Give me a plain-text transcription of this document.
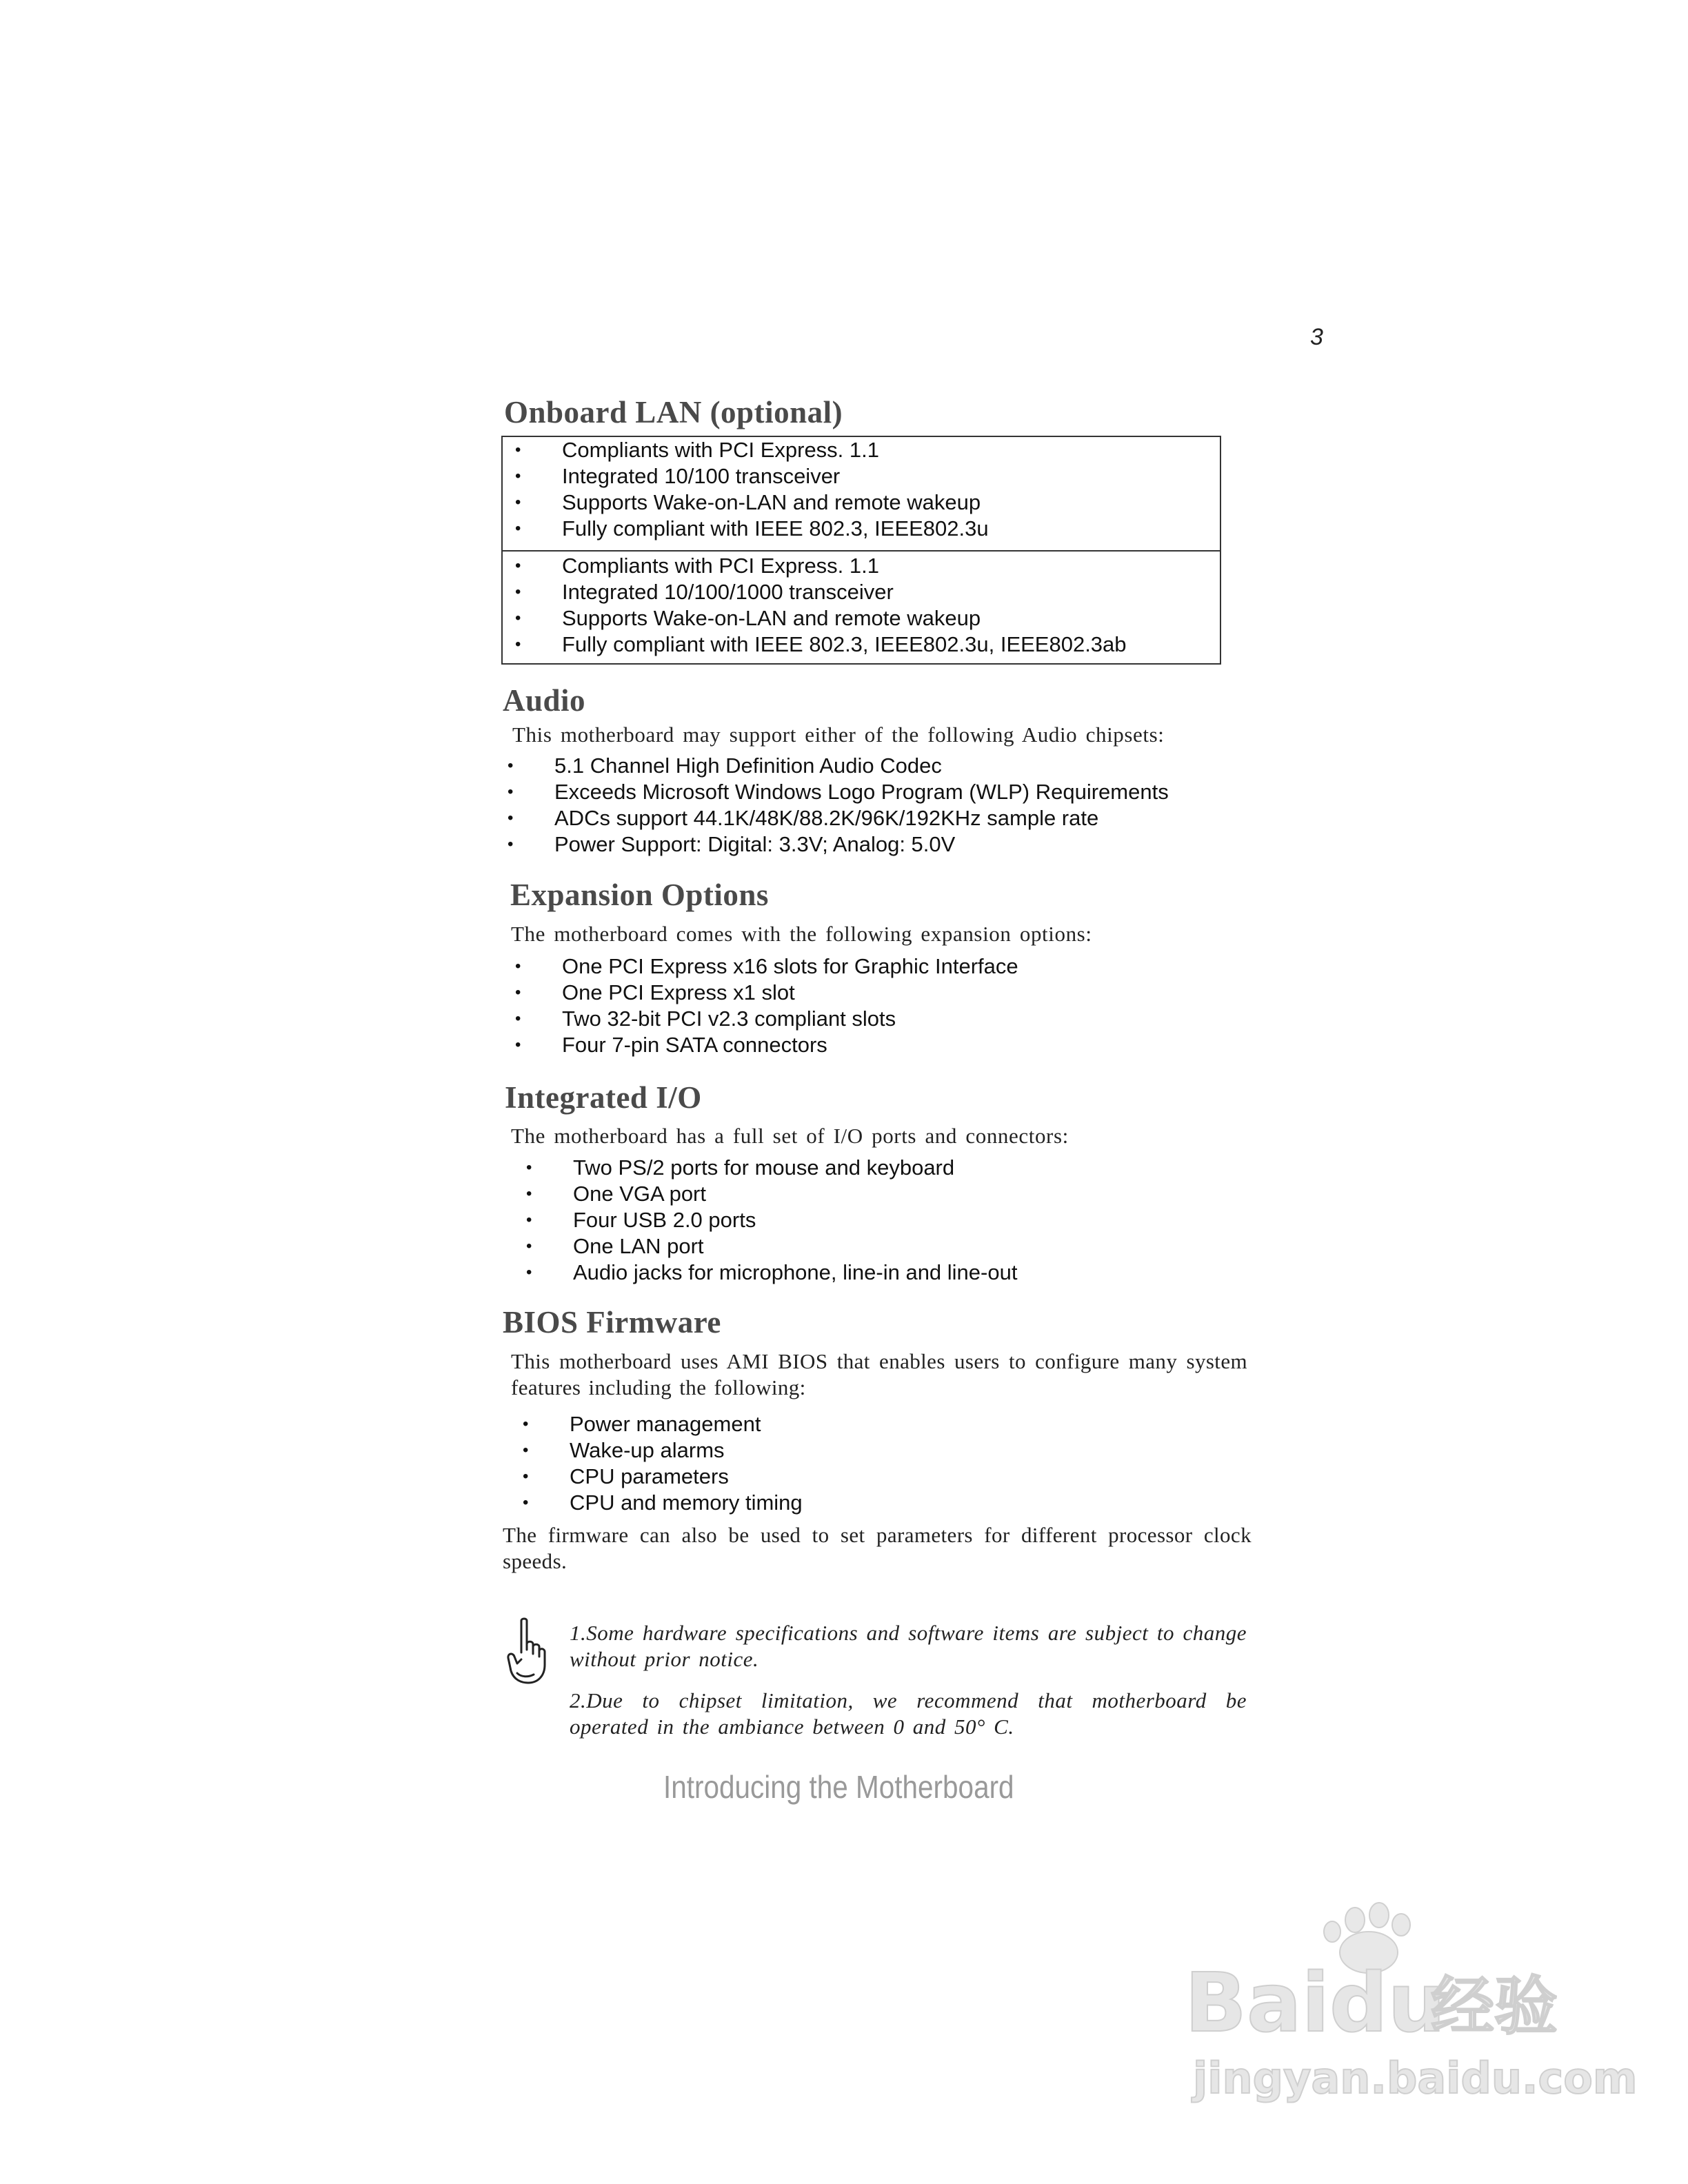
3
Onboard LAN (optional)
• Compliants with PCI Express. 1.1
• Integrated 10/100 transceiver
• Supports Wake-on-LAN and remote wakeup
• Fully compliant with IEEE 802.3, IEEE802.3u
• Compliants with PCI Express. 1.1
• Integrated 10/100/1000 transceiver
• Supports Wake-on-LAN and remote wakeup
• Fully compliant with IEEE 802.3, IEEE802.3u, IEEE802.3ab
Audio

This motherboard may support either of the following Audio chipsets:

• 5.1 Channel High Definition Audio Codec
• Exceeds Microsoft Windows Logo Program (WLP) Requirements
• ADCs support 44.1K/48K/88.2K/96K/192KHz sample rate
• Power Support: Digital: 3.3V; Analog: 5.0V
Expansion Options

The motherboard comes with the following expansion options:

• One PCI Express x16 slots for Graphic Interface
• One PCI Express x1 slot
• Two 32-bit PCI v2.3 compliant slots
• Four 7-pin SATA connectors
Integrated I/O

The motherboard has a full set of I/O ports and connectors:

• Two PS/2 ports for mouse and keyboard
• One VGA port
• Four USB 2.0 ports
• One LAN port
• Audio jacks for microphone, line-in and line-out
BIOS Firmware

This motherboard uses AMI BIOS that enables users to configure many system features including the following:

• Power management
• Wake-up alarms
• CPU parameters
• CPU and memory timing

The firmware can also be used to set parameters for different processor clock speeds.

1.Some hardware specifications and software items are subject to change without prior notice.

2.Due to chipset limitation, we recommend that motherboard be operated in the ambiance between 0 and 50° C.

Introducing the Motherboard
Baidu
经验
jingyan.baidu.com
